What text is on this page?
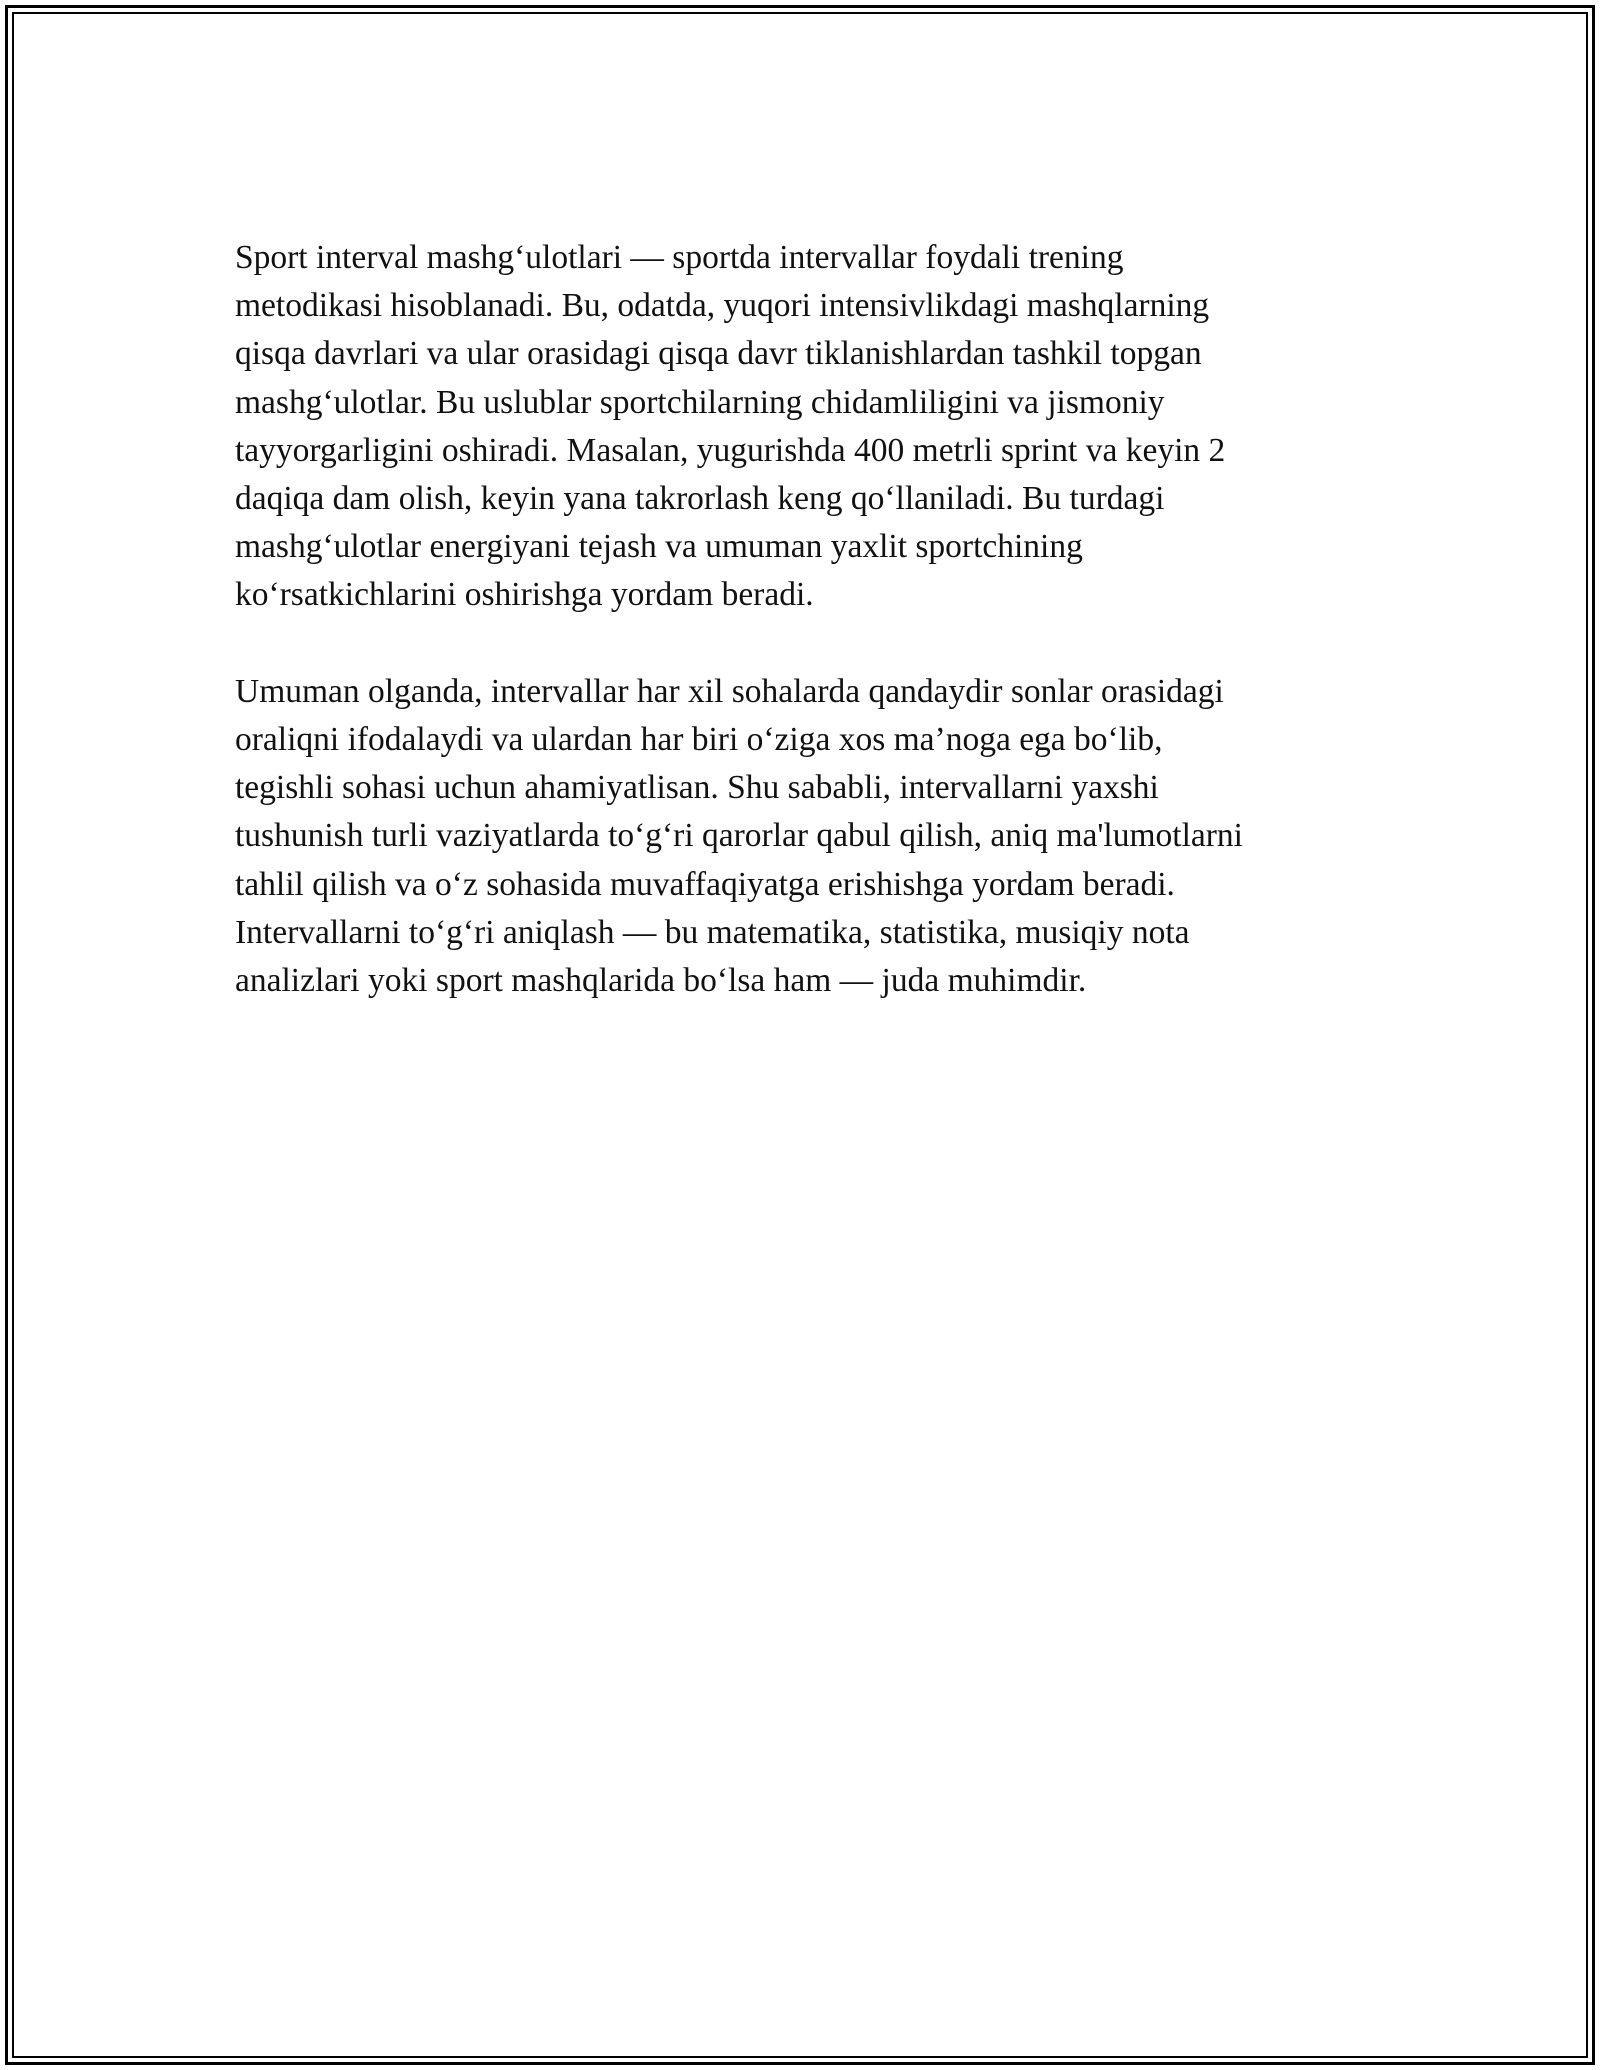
Sport interval mashg‘ulotlari — sportda intervallar foydali trening
metodikasi hisoblanadi. Bu, odatda, yuqori intensivlikdagi mashqlarning
qisqa davrlari va ular orasidagi qisqa davr tiklanishlardan tashkil topgan
mashg‘ulotlar. Bu uslublar sportchilarning chidamliligini va jismoniy
tayyorgarligini oshiradi. Masalan, yugurishda 400 metrli sprint va keyin 2
daqiqa dam olish, keyin yana takrorlash keng qo‘llaniladi. Bu turdagi
mashg‘ulotlar energiyani tejash va umuman yaxlit sportchining
ko‘rsatkichlarini oshirishga yordam beradi.

Umuman olganda, intervallar har xil sohalarda qandaydir sonlar orasidagi
oraliqni ifodalaydi va ulardan har biri o‘ziga xos ma’noga ega bo‘lib,
tegishli sohasi uchun ahamiyatlisan. Shu sababli, intervallarni yaxshi
tushunish turli vaziyatlarda to‘g‘ri qarorlar qabul qilish, aniq ma'lumotlarni
tahlil qilish va o‘z sohasida muvaffaqiyatga erishishga yordam beradi.
Intervallarni to‘g‘ri aniqlash — bu matematika, statistika, musiqiy nota
analizlari yoki sport mashqlarida bo‘lsa ham — juda muhimdir.
